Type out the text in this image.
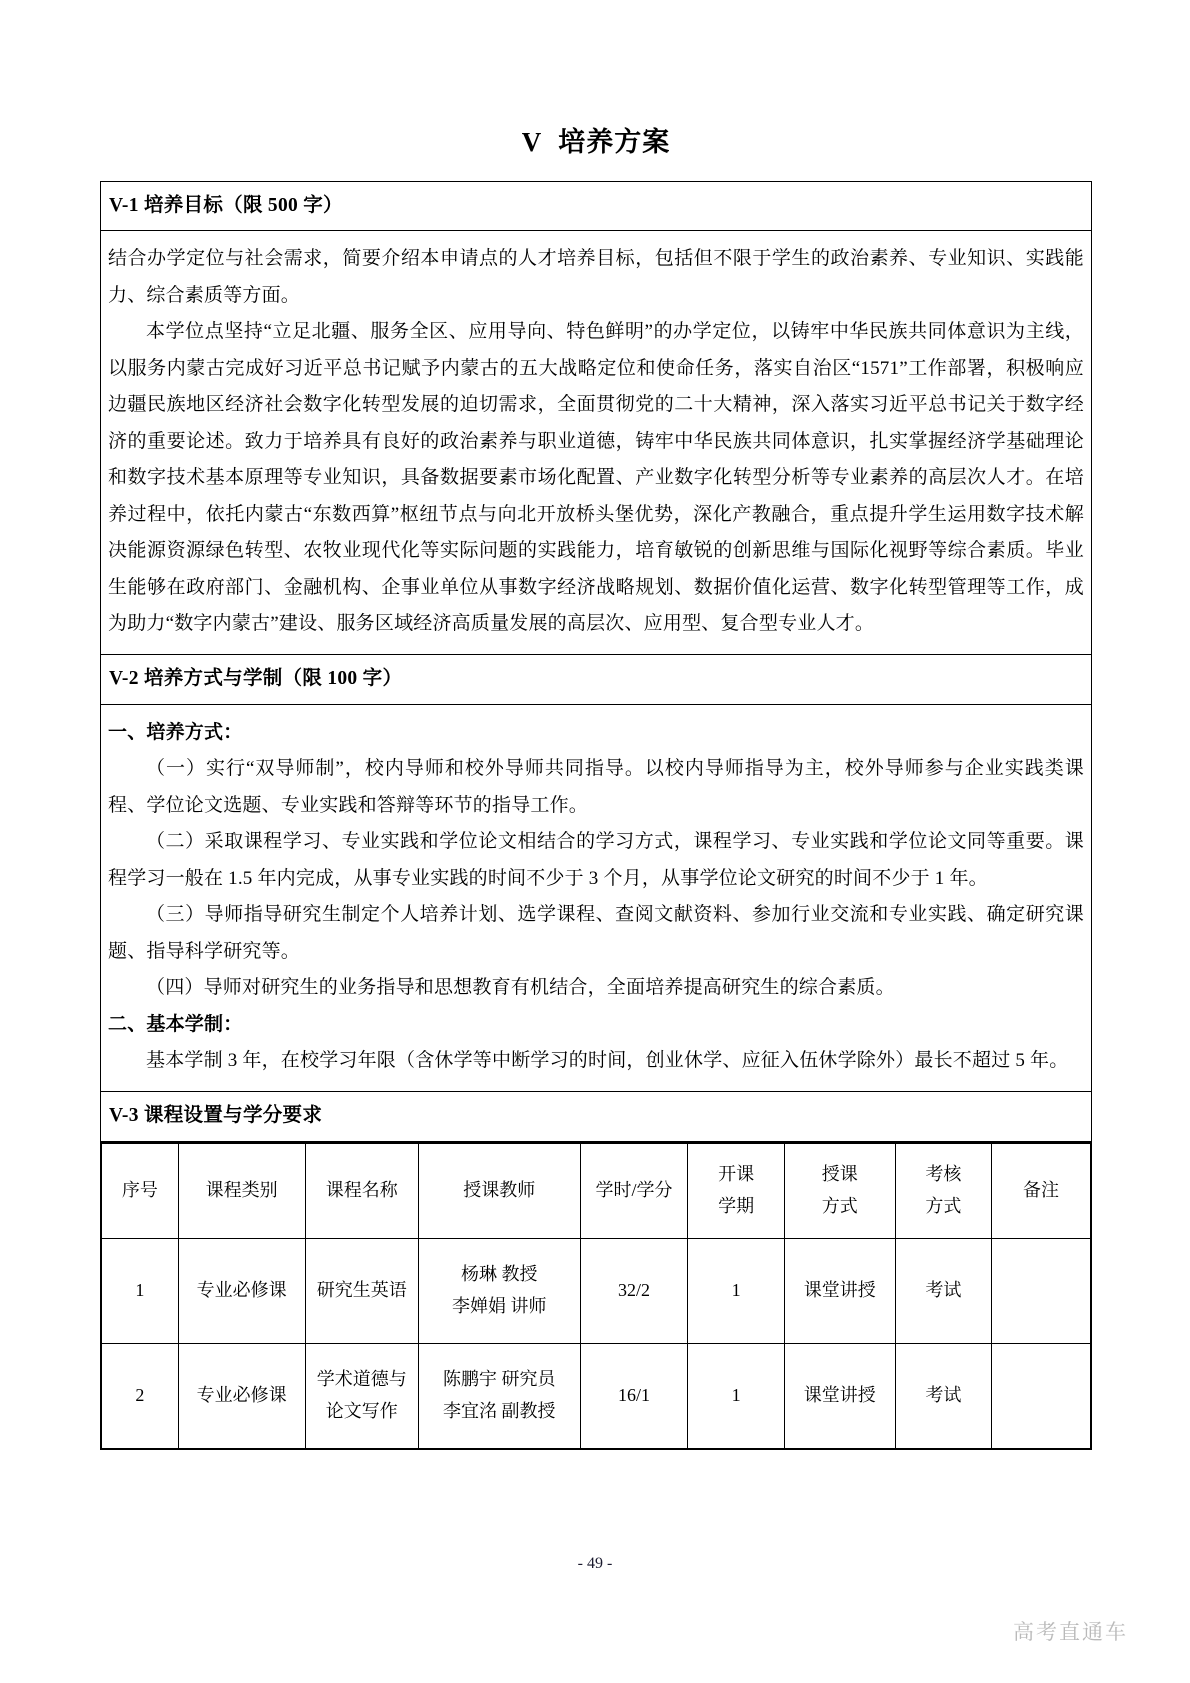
V 培养方案
V-1 培养目标（限 500 字）

结合办学定位与社会需求，简要介绍本申请点的人才培养目标，包括但不限于学生的政治素养、专业知识、实践能力、综合素质等方面。

本学位点坚持“立足北疆、服务全区、应用导向、特色鲜明”的办学定位，以铸牢中华民族共同体意识为主线，以服务内蒙古完成好习近平总书记赋予内蒙古的五大战略定位和使命任务，落实自治区“1571”工作部署，积极响应边疆民族地区经济社会数字化转型发展的迫切需求，全面贯彻党的二十大精神，深入落实习近平总书记关于数字经济的重要论述。致力于培养具有良好的政治素养与职业道德，铸牢中华民族共同体意识，扎实掌握经济学基础理论和数字技术基本原理等专业知识，具备数据要素市场化配置、产业数字化转型分析等专业素养的高层次人才。在培养过程中，依托内蒙古“东数西算”枢纽节点与向北开放桥头堡优势，深化产教融合，重点提升学生运用数字技术解决能源资源绿色转型、农牧业现代化等实际问题的实践能力，培育敏锐的创新思维与国际化视野等综合素质。毕业生能够在政府部门、金融机构、企事业单位从事数字经济战略规划、数据价值化运营、数字化转型管理等工作，成为助力“数字内蒙古”建设、服务区域经济高质量发展的高层次、应用型、复合型专业人才。

V-2 培养方式与学制（限 100 字）

一、培养方式：

（一）实行“双导师制”，校内导师和校外导师共同指导。以校内导师指导为主，校外导师参与企业实践类课程、学位论文选题、专业实践和答辩等环节的指导工作。

（二）采取课程学习、专业实践和学位论文相结合的学习方式，课程学习、专业实践和学位论文同等重要。课程学习一般在 1.5 年内完成，从事专业实践的时间不少于 3 个月，从事学位论文研究的时间不少于 1 年。

（三）导师指导研究生制定个人培养计划、选学课程、查阅文献资料、参加行业交流和专业实践、确定研究课题、指导科学研究等。

（四）导师对研究生的业务指导和思想教育有机结合，全面培养提高研究生的综合素质。

二、基本学制：

基本学制 3 年，在校学习年限（含休学等中断学习的时间，创业休学、应征入伍休学除外）最长不超过 5 年。

V-3 课程设置与学分要求
序号	课程类别	课程名称	授课教师	学时/学分	开课
学期	授课
方式	考核
方式	备注

1	专业必修课	研究生英语	杨琳 教授
李婵娟 讲师	32/2	1	课堂讲授	考试	
2	专业必修课	学术道德与
论文写作	陈鹏宇 研究员
李宜洺 副教授	16/1	1	课堂讲授	考试	
- 49 -
高考直通车
